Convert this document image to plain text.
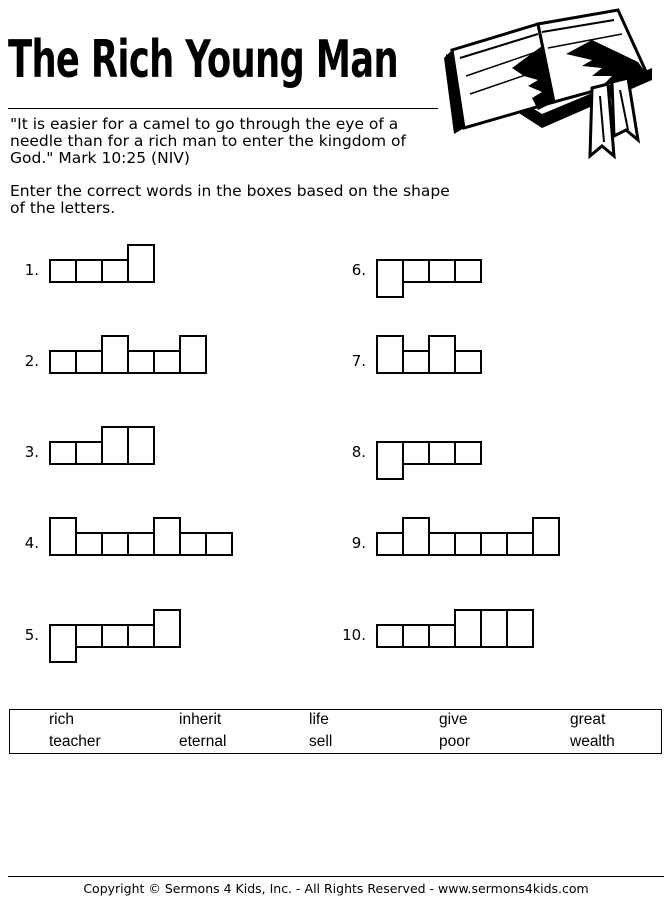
The Rich Young Man
"It is easier for a camel to go through the eye of a needle than for a rich man to enter the kingdom of God." Mark 10:25 (NIV)
Enter the correct words in the boxes based on the shape of the letters.
1.
2.
3.
4.
5.
6.
7.
8.
9.
10.
rich	inherit	life	give	great
teacher	eternal	sell	poor	wealth
Copyright © Sermons 4 Kids, Inc. - All Rights Reserved - www.sermons4kids.com
